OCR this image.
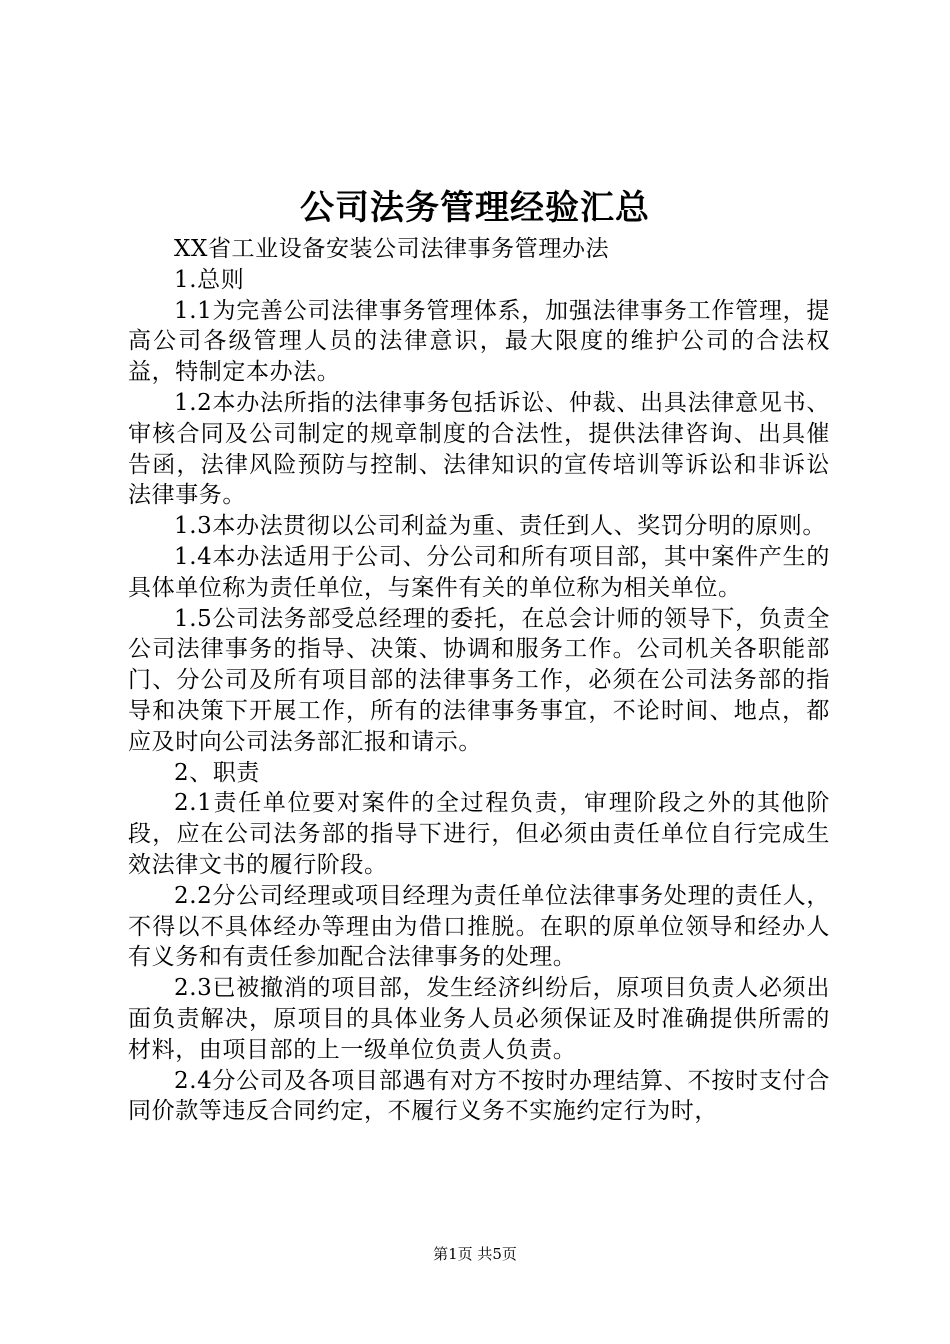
公司法务管理经验汇总

XX省工业设备安装公司法律事务管理办法

1.总则

1.1为完善公司法律事务管理体系，加强法律事务工作管理，提高公司各级管理人员的法律意识，最大限度的维护公司的合法权益，特制定本办法。

1.2本办法所指的法律事务包括诉讼、仲裁、出具法律意见书、审核合同及公司制定的规章制度的合法性，提供法律咨询、出具催告函，法律风险预防与控制、法律知识的宣传培训等诉讼和非诉讼法律事务。

1.3本办法贯彻以公司利益为重、责任到人、奖罚分明的原则。

1.4本办法适用于公司、分公司和所有项目部，其中案件产生的具体单位称为责任单位，与案件有关的单位称为相关单位。

1.5公司法务部受总经理的委托，在总会计师的领导下，负责全公司法律事务的指导、决策、协调和服务工作。公司机关各职能部门、分公司及所有项目部的法律事务工作，必须在公司法务部的指导和决策下开展工作，所有的法律事务事宜，不论时间、地点，都应及时向公司法务部汇报和请示。

2、职责

2.1责任单位要对案件的全过程负责，审理阶段之外的其他阶段，应在公司法务部的指导下进行，但必须由责任单位自行完成生效法律文书的履行阶段。

2.2分公司经理或项目经理为责任单位法律事务处理的责任人，不得以不具体经办等理由为借口推脱。在职的原单位领导和经办人有义务和有责任参加配合法律事务的处理。

2.3已被撤消的项目部，发生经济纠纷后，原项目负责人必须出面负责解决，原项目的具体业务人员必须保证及时准确提供所需的材料，由项目部的上一级单位负责人负责。

2.4分公司及各项目部遇有对方不按时办理结算、不按时支付合同价款等违反合同约定，不履行义务不实施约定行为时，

第1页 共5页
